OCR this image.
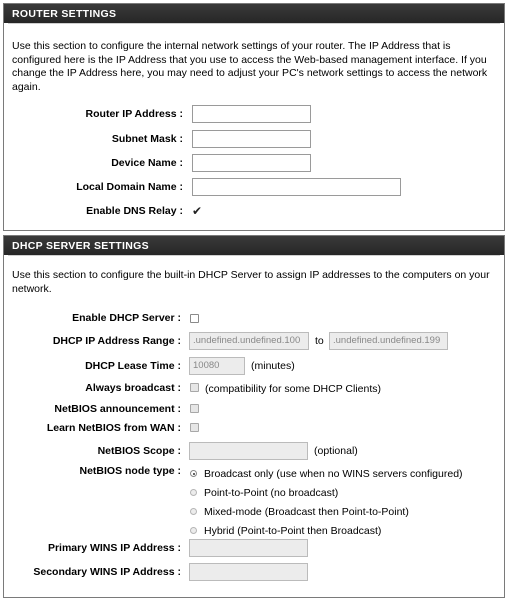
ROUTER SETTINGS
Use this section to configure the internal network settings of your router. The IP Address that is configured here is the IP Address that you use to access the Web-based management interface. If you change the IP Address here, you may need to adjust your PC's network settings to access the network again.
Router IP Address :
Subnet Mask :
Device Name :
Local Domain Name :
Enable DNS Relay : ✔
DHCP SERVER SETTINGS
Use this section to configure the built-in DHCP Server to assign IP addresses to the computers on your network.
Enable DHCP Server :
DHCP IP Address Range :	.undefined.undefined.100	to .undefined.undefined.199
DHCP Lease Time :	10080	(minutes)
Always broadcast : (compatibility for some DHCP Clients)
NetBIOS announcement :
Learn NetBIOS from WAN :
NetBIOS Scope :	(optional)
NetBIOS node type : Broadcast only (use when no WINS servers configured)
Point-to-Point (no broadcast)
Mixed-mode (Broadcast then Point-to-Point)
Hybrid (Point-to-Point then Broadcast)
Primary WINS IP Address :
Secondary WINS IP Address :
